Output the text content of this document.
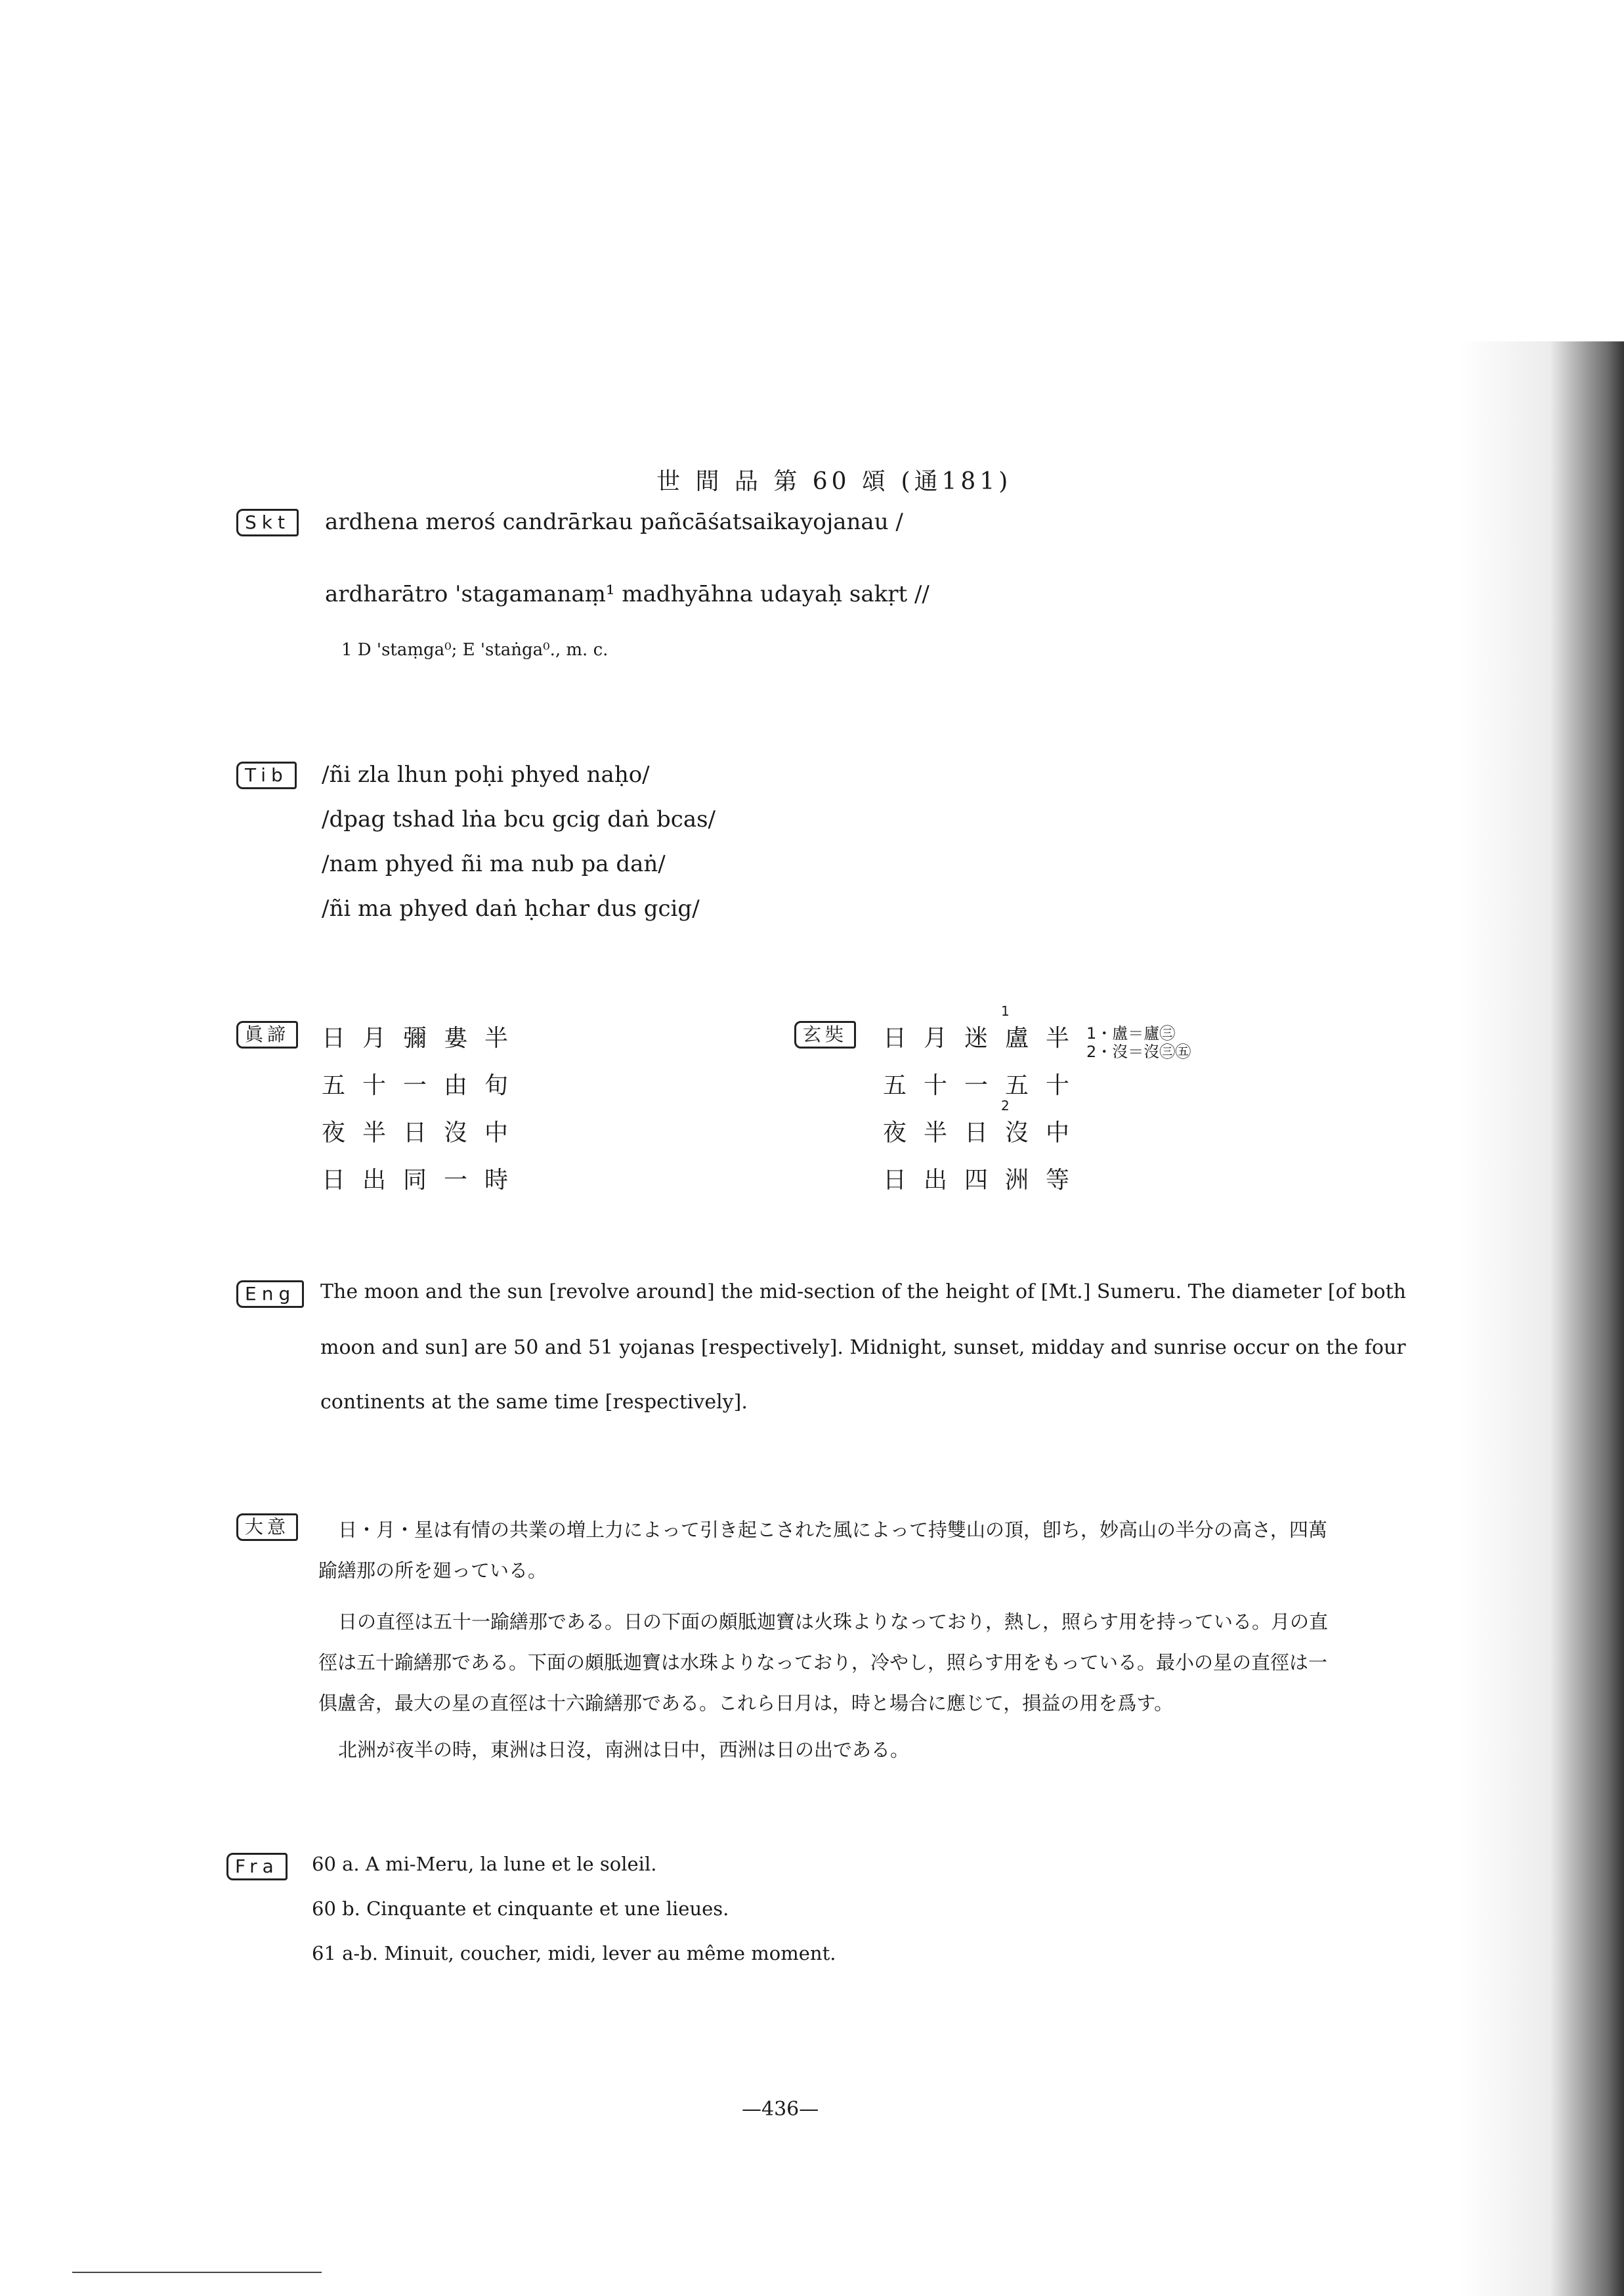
世 間 品 第 60 頌 (通181)
Skt	ardhena meroś candrārkau pañcāśatsaikayojanau /
ardharātro 'stagamanaṃ¹ madhyāhna udayaḥ sakṛt //
1 D 'staṃga⁰; E 'staṅga⁰., m. c.
Tib	/ñi zla lhun poḥi phyed naḥo/
/dpag tshad lṅa bcu gcig daṅ bcas/
/nam phyed ñi ma nub pa daṅ/
/ñi ma phyed daṅ ḥchar dus gcig/
眞諦	日月彌婁半
五十一由旬
夜半日沒中
日出同一時
玄奘	日月迷盧半
五十一五十
夜半日沒中
日出四洲等
1
2
1・盧＝廬㊂
2・沒＝沒㊂㊄
Eng	The moon and the sun [revolve around] the mid-section of the height of [Mt.] Sumeru. The diameter [of both
moon and sun] are 50 and 51 yojanas [respectively]. Midnight, sunset, midday and sunrise occur on the four
continents at the same time [respectively].
大意	日・月・星は有情の共業の増上力によって引き起こされた風によって持雙山の頂，卽ち，妙高山の半分の高さ，四萬
踰繕那の所を廻っている。
日の直徑は五十一踰繕那である。日の下面の頗胝迦寶は火珠よりなっており，熱し，照らす用を持っている。月の直
徑は五十踰繕那である。下面の頗胝迦寶は水珠よりなっており，冷やし，照らす用をもっている。最小の星の直徑は一
俱盧舍，最大の星の直徑は十六踰繕那である。これら日月は，時と場合に應じて，損益の用を爲す。
北洲が夜半の時，東洲は日沒，南洲は日中，西洲は日の出である。
Fra	60 a. A mi-Meru, la lune et le soleil.
60 b. Cinquante et cinquante et une lieues.
61 a-b. Minuit, coucher, midi, lever au même moment.
—436—
